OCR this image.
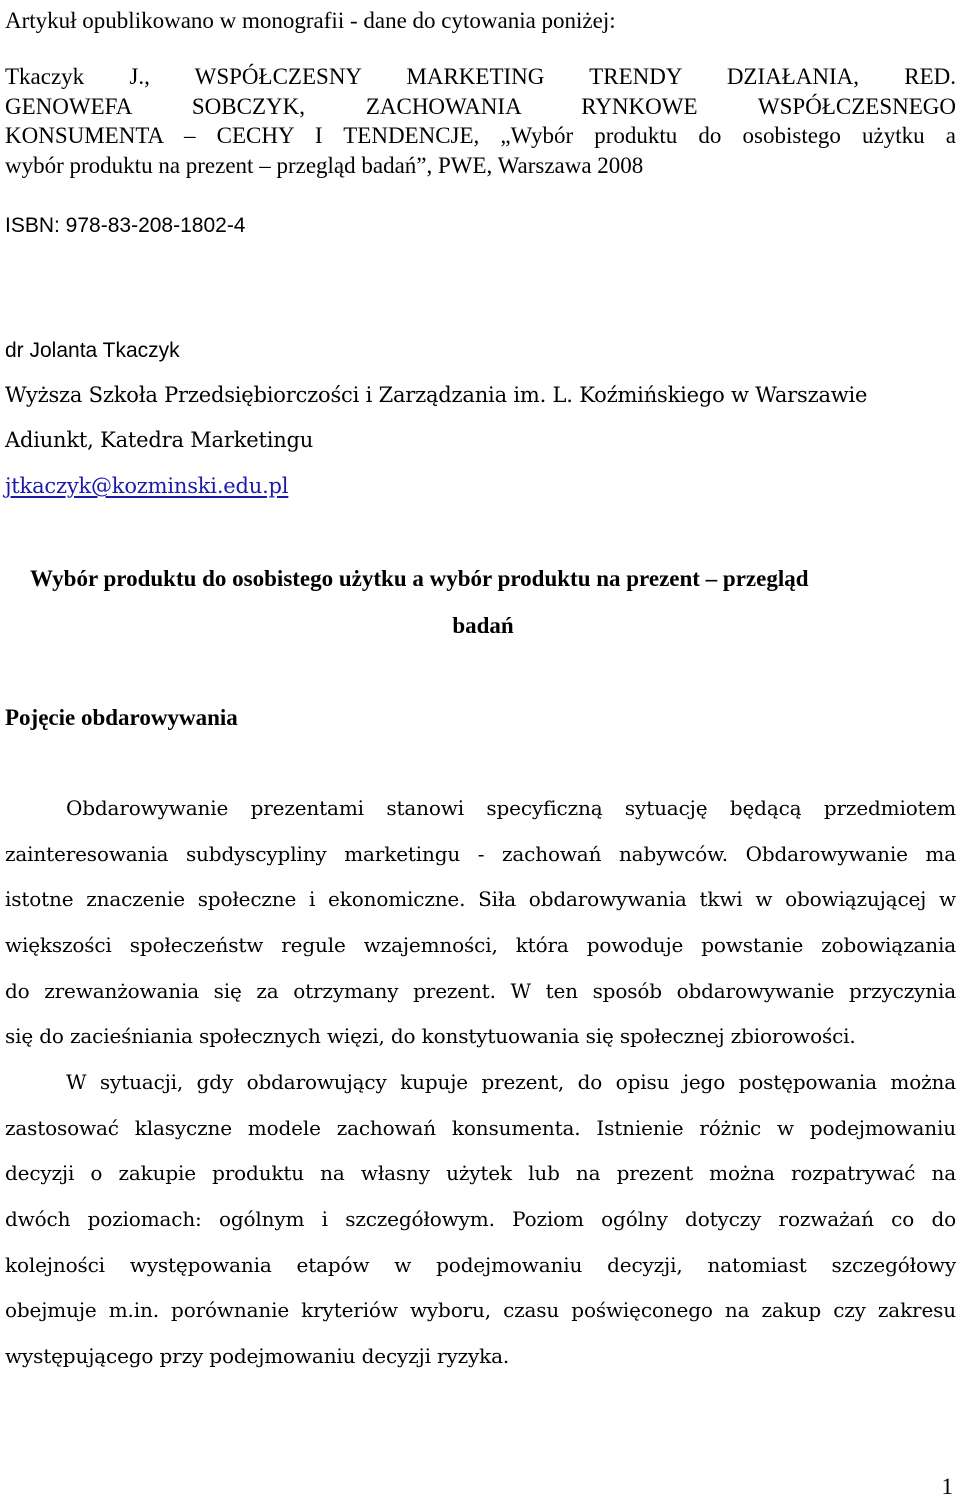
Artykuł opublikowano w monografii - dane do cytowania poniżej:
Tkaczyk J., WSPÓŁCZESNY MARKETING TRENDY DZIAŁANIA, RED.
GENOWEFA SOBCZYK, ZACHOWANIA RYNKOWE WSPÓŁCZESNEGO
KONSUMENTA – CECHY I TENDENCJE, „Wybór produktu do osobistego użytku a
wybór produktu na prezent – przegląd badań”, PWE, Warszawa 2008
ISBN: 978-83-208-1802-4
dr Jolanta Tkaczyk
Wyższa Szkoła Przedsiębiorczości i Zarządzania im. L. Koźmińskiego w Warszawie
Adiunkt, Katedra Marketingu
jtkaczyk@kozminski.edu.pl
Wybór produktu do osobistego użytku a wybór produktu na prezent – przegląd
badań
Pojęcie obdarowywania
Obdarowywanie prezentami stanowi specyficzną sytuację będącą przedmiotem
zainteresowania subdyscypliny marketingu - zachowań nabywców. Obdarowywanie ma
istotne znaczenie społeczne i ekonomiczne. Siła obdarowywania tkwi w obowiązującej w
większości społeczeństw regule wzajemności, która powoduje powstanie zobowiązania
do zrewanżowania się za otrzymany prezent. W ten sposób obdarowywanie przyczynia
się do zacieśniania społecznych więzi, do konstytuowania się społecznej zbiorowości.
W sytuacji, gdy obdarowujący kupuje prezent, do opisu jego postępowania można
zastosować klasyczne modele zachowań konsumenta. Istnienie różnic w podejmowaniu
decyzji o zakupie produktu na własny użytek lub na prezent można rozpatrywać na
dwóch poziomach: ogólnym i szczegółowym. Poziom ogólny dotyczy rozważań co do
kolejności występowania etapów w podejmowaniu decyzji, natomiast szczegółowy
obejmuje m.in. porównanie kryteriów wyboru, czasu poświęconego na zakup czy zakresu
występującego przy podejmowaniu decyzji ryzyka.
1
